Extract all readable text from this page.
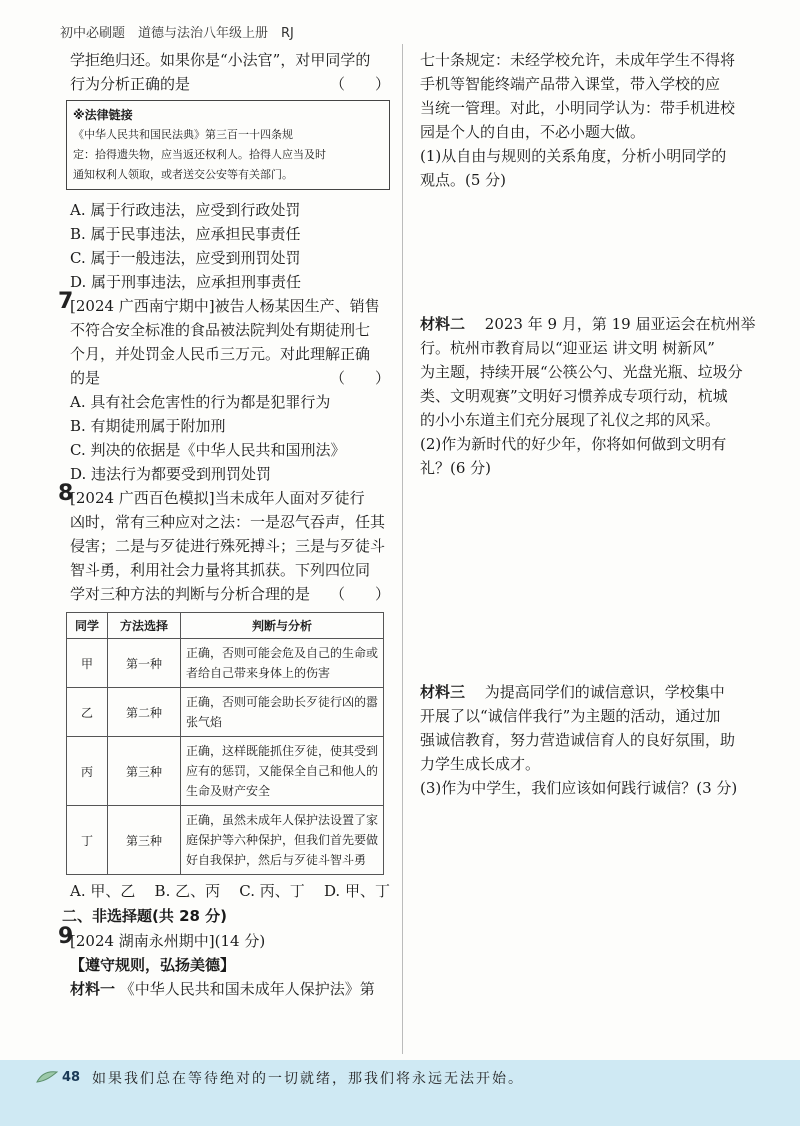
初中必刷题　道德与法治八年级上册　RJ
学拒绝归还。如果你是“小法官”，对甲同学的
行为分析正确的是	（　　）
※法律链接
《中华人民共和国民法典》第三百一十四条规
定：拾得遗失物，应当返还权利人。拾得人应当及时
通知权利人领取，或者送交公安等有关部门。
A. 属于行政违法，应受到行政处罚
B. 属于民事违法，应承担民事责任
C. 属于一般违法，应受到刑罚处罚
D. 属于刑事违法，应承担刑事责任
7
[2024 广西南宁期中]被告人杨某因生产、销售
不符合安全标准的食品被法院判处有期徒刑七
个月，并处罚金人民币三万元。对此理解正确
的是	（　　）
A. 具有社会危害性的行为都是犯罪行为
B. 有期徒刑属于附加刑
C. 判决的依据是《中华人民共和国刑法》
D. 违法行为都要受到刑罚处罚
8
[2024 广西百色模拟]当未成年人面对歹徒行
凶时，常有三种应对之法：一是忍气吞声，任其
侵害；二是与歹徒进行殊死搏斗；三是与歹徒斗
智斗勇，利用社会力量将其抓获。下列四位同
学对三种方法的判断与分析合理的是 （　　）
同学	方法选择	判断与分析
甲	第一种	正确，否则可能会危及自己的生命或者给自己带来身体上的伤害
乙	第二种	正确，否则可能会助长歹徒行凶的嚣张气焰
丙	第三种	正确，这样既能抓住歹徒，使其受到应有的惩罚，又能保全自己和他人的生命及财产安全
丁	第三种	正确，虽然未成年人保护法设置了家庭保护等六种保护，但我们首先要做好自我保护，然后与歹徒斗智斗勇
A. 甲、乙 B. 乙、丙 C. 丙、丁 D. 甲、丁
二、非选择题(共 28 分)
9
[2024 湖南永州期中](14 分)
【遵守规则，弘扬美德】
材料一 《中华人民共和国未成年人保护法》第
七十条规定：未经学校允许，未成年学生不得将
手机等智能终端产品带入课堂，带入学校的应
当统一管理。对此，小明同学认为：带手机进校
园是个人的自由，不必小题大做。
(1)从自由与规则的关系角度，分析小明同学的
观点。(5 分)
材料二 　2023 年 9 月，第 19 届亚运会在杭州举
行。杭州市教育局以“迎亚运 讲文明 树新风”
为主题，持续开展“公筷公勺、光盘光瓶、垃圾分
类、文明观赛”文明好习惯养成专项行动，杭城
的小小东道主们充分展现了礼仪之邦的风采。
(2)作为新时代的好少年，你将如何做到文明有
礼？(6 分)
材料三 　为提高同学们的诚信意识，学校集中
开展了以“诚信伴我行”为主题的活动，通过加
强诚信教育，努力营造诚信育人的良好氛围，助
力学生成长成才。
(3)作为中学生，我们应该如何践行诚信？(3 分)
48 如果我们总在等待绝对的一切就绪，那我们将永远无法开始。
